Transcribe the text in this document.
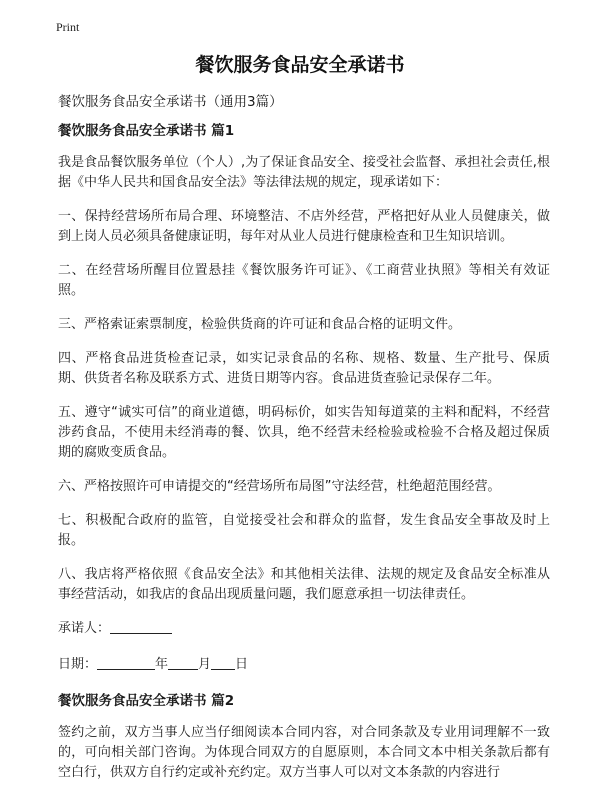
Print
餐饮服务食品安全承诺书
餐饮服务食品安全承诺书（通用3篇）
餐饮服务食品安全承诺书 篇1
我是食品餐饮服务单位（个人）,为了保证食品安全、接受社会监督、承担社会责任,根据《中华人民共和国食品安全法》等法律法规的规定，现承诺如下：
一、保持经营场所布局合理、环境整洁、不店外经营，严格把好从业人员健康关，做到上岗人员必须具备健康证明，每年对从业人员进行健康检查和卫生知识培训。
二、在经营场所醒目位置悬挂《餐饮服务许可证》、《工商营业执照》等相关有效证照。
三、严格索证索票制度，检验供货商的许可证和食品合格的证明文件。
四、严格食品进货检查记录，如实记录食品的名称、规格、数量、生产批号、保质期、供货者名称及联系方式、进货日期等内容。食品进货查验记录保存二年。
五、遵守“诚实可信”的商业道德，明码标价，如实告知每道菜的主料和配料，不经营涉药食品，不使用未经消毒的餐、饮具，绝不经营未经检验或检验不合格及超过保质期的腐败变质食品。
六、严格按照许可申请提交的“经营场所布局图”守法经营，杜绝超范围经营。
七、积极配合政府的监管，自觉接受社会和群众的监督，发生食品安全事故及时上报。
八、我店将严格依照《食品安全法》和其他相关法律、法规的规定及食品安全标准从事经营活动，如我店的食品出现质量问题，我们愿意承担一切法律责任。
承诺人：
日期：	年 月 日
餐饮服务食品安全承诺书 篇2
签约之前，双方当事人应当仔细阅读本合同内容，对合同条款及专业用词理解不一致的，可向相关部门咨询。为体现合同双方的自愿原则，本合同文本中相关条款后都有空白行，供双方自行约定或补充约定。双方当事人可以对文本条款的内容进行
